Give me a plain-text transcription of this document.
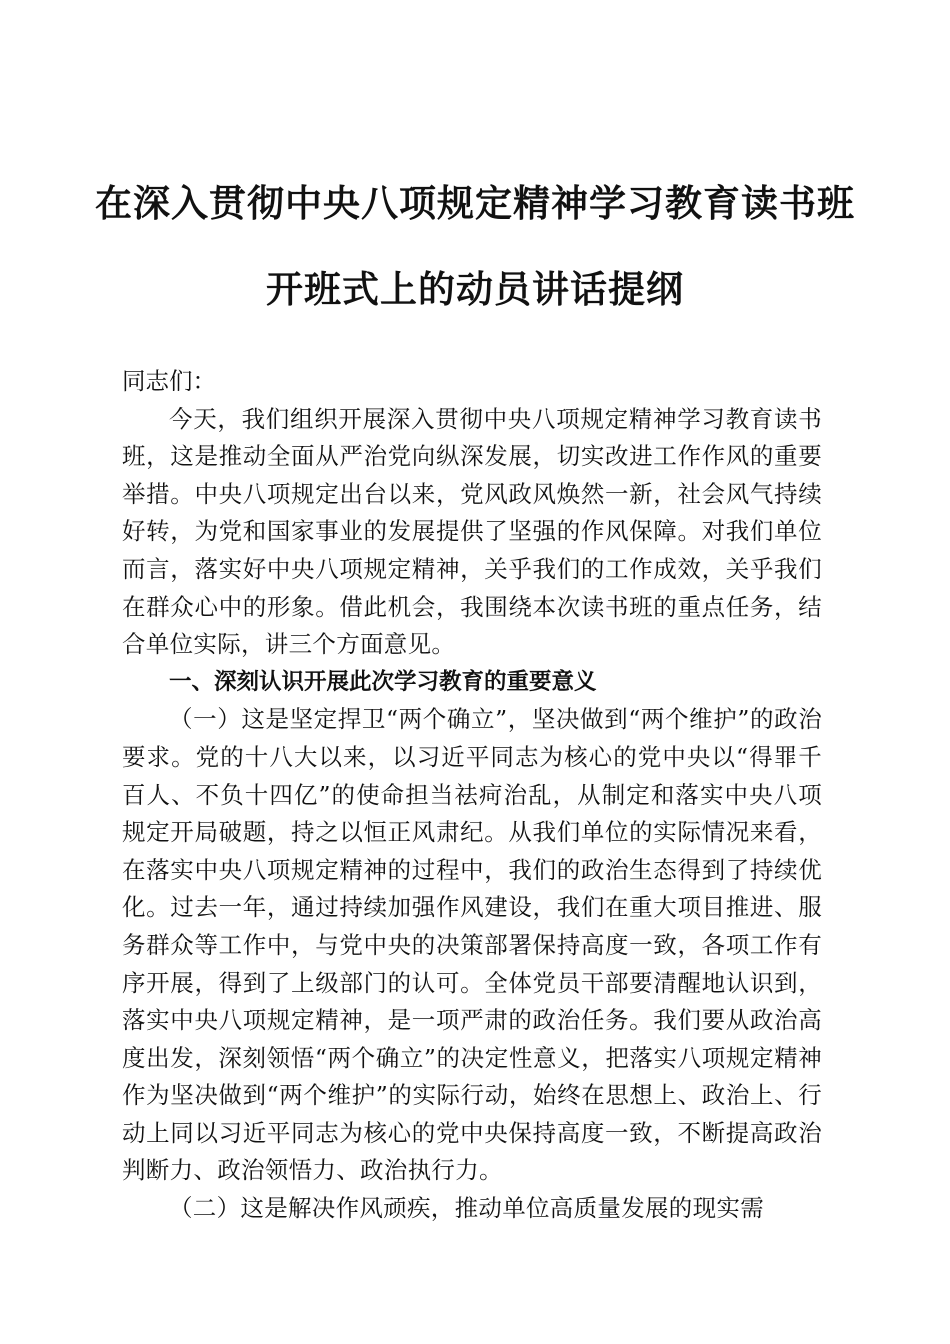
在深入贯彻中央八项规定精神学习教育读书班

开班式上的动员讲话提纲

同志们：

今天，我们组织开展深入贯彻中央八项规定精神学习教育读书班，这是推动全面从严治党向纵深发展，切实改进工作作风的重要举措。中央八项规定出台以来，党风政风焕然一新，社会风气持续好转，为党和国家事业的发展提供了坚强的作风保障。对我们单位而言，落实好中央八项规定精神，关乎我们的工作成效，关乎我们在群众心中的形象。借此机会，我围绕本次读书班的重点任务，结合单位实际，讲三个方面意见。

一、深刻认识开展此次学习教育的重要意义

（一）这是坚定捍卫“两个确立”，坚决做到“两个维护”的政治要求。党的十八大以来，以习近平同志为核心的党中央以“得罪千百人、不负十四亿”的使命担当祛疴治乱，从制定和落实中央八项规定开局破题，持之以恒正风肃纪。从我们单位的实际情况来看，在落实中央八项规定精神的过程中，我们的政治生态得到了持续优化。过去一年，通过持续加强作风建设，我们在重大项目推进、服务群众等工作中，与党中央的决策部署保持高度一致，各项工作有序开展，得到了上级部门的认可。全体党员干部要清醒地认识到，落实中央八项规定精神，是一项严肃的政治任务。我们要从政治高度出发，深刻领悟“两个确立”的决定性意义，把落实八项规定精神作为坚决做到“两个维护”的实际行动，始终在思想上、政治上、行动上同以习近平同志为核心的党中央保持高度一致，不断提高政治判断力、政治领悟力、政治执行力。

（二）这是解决作风顽疾，推动单位高质量发展的现实需
